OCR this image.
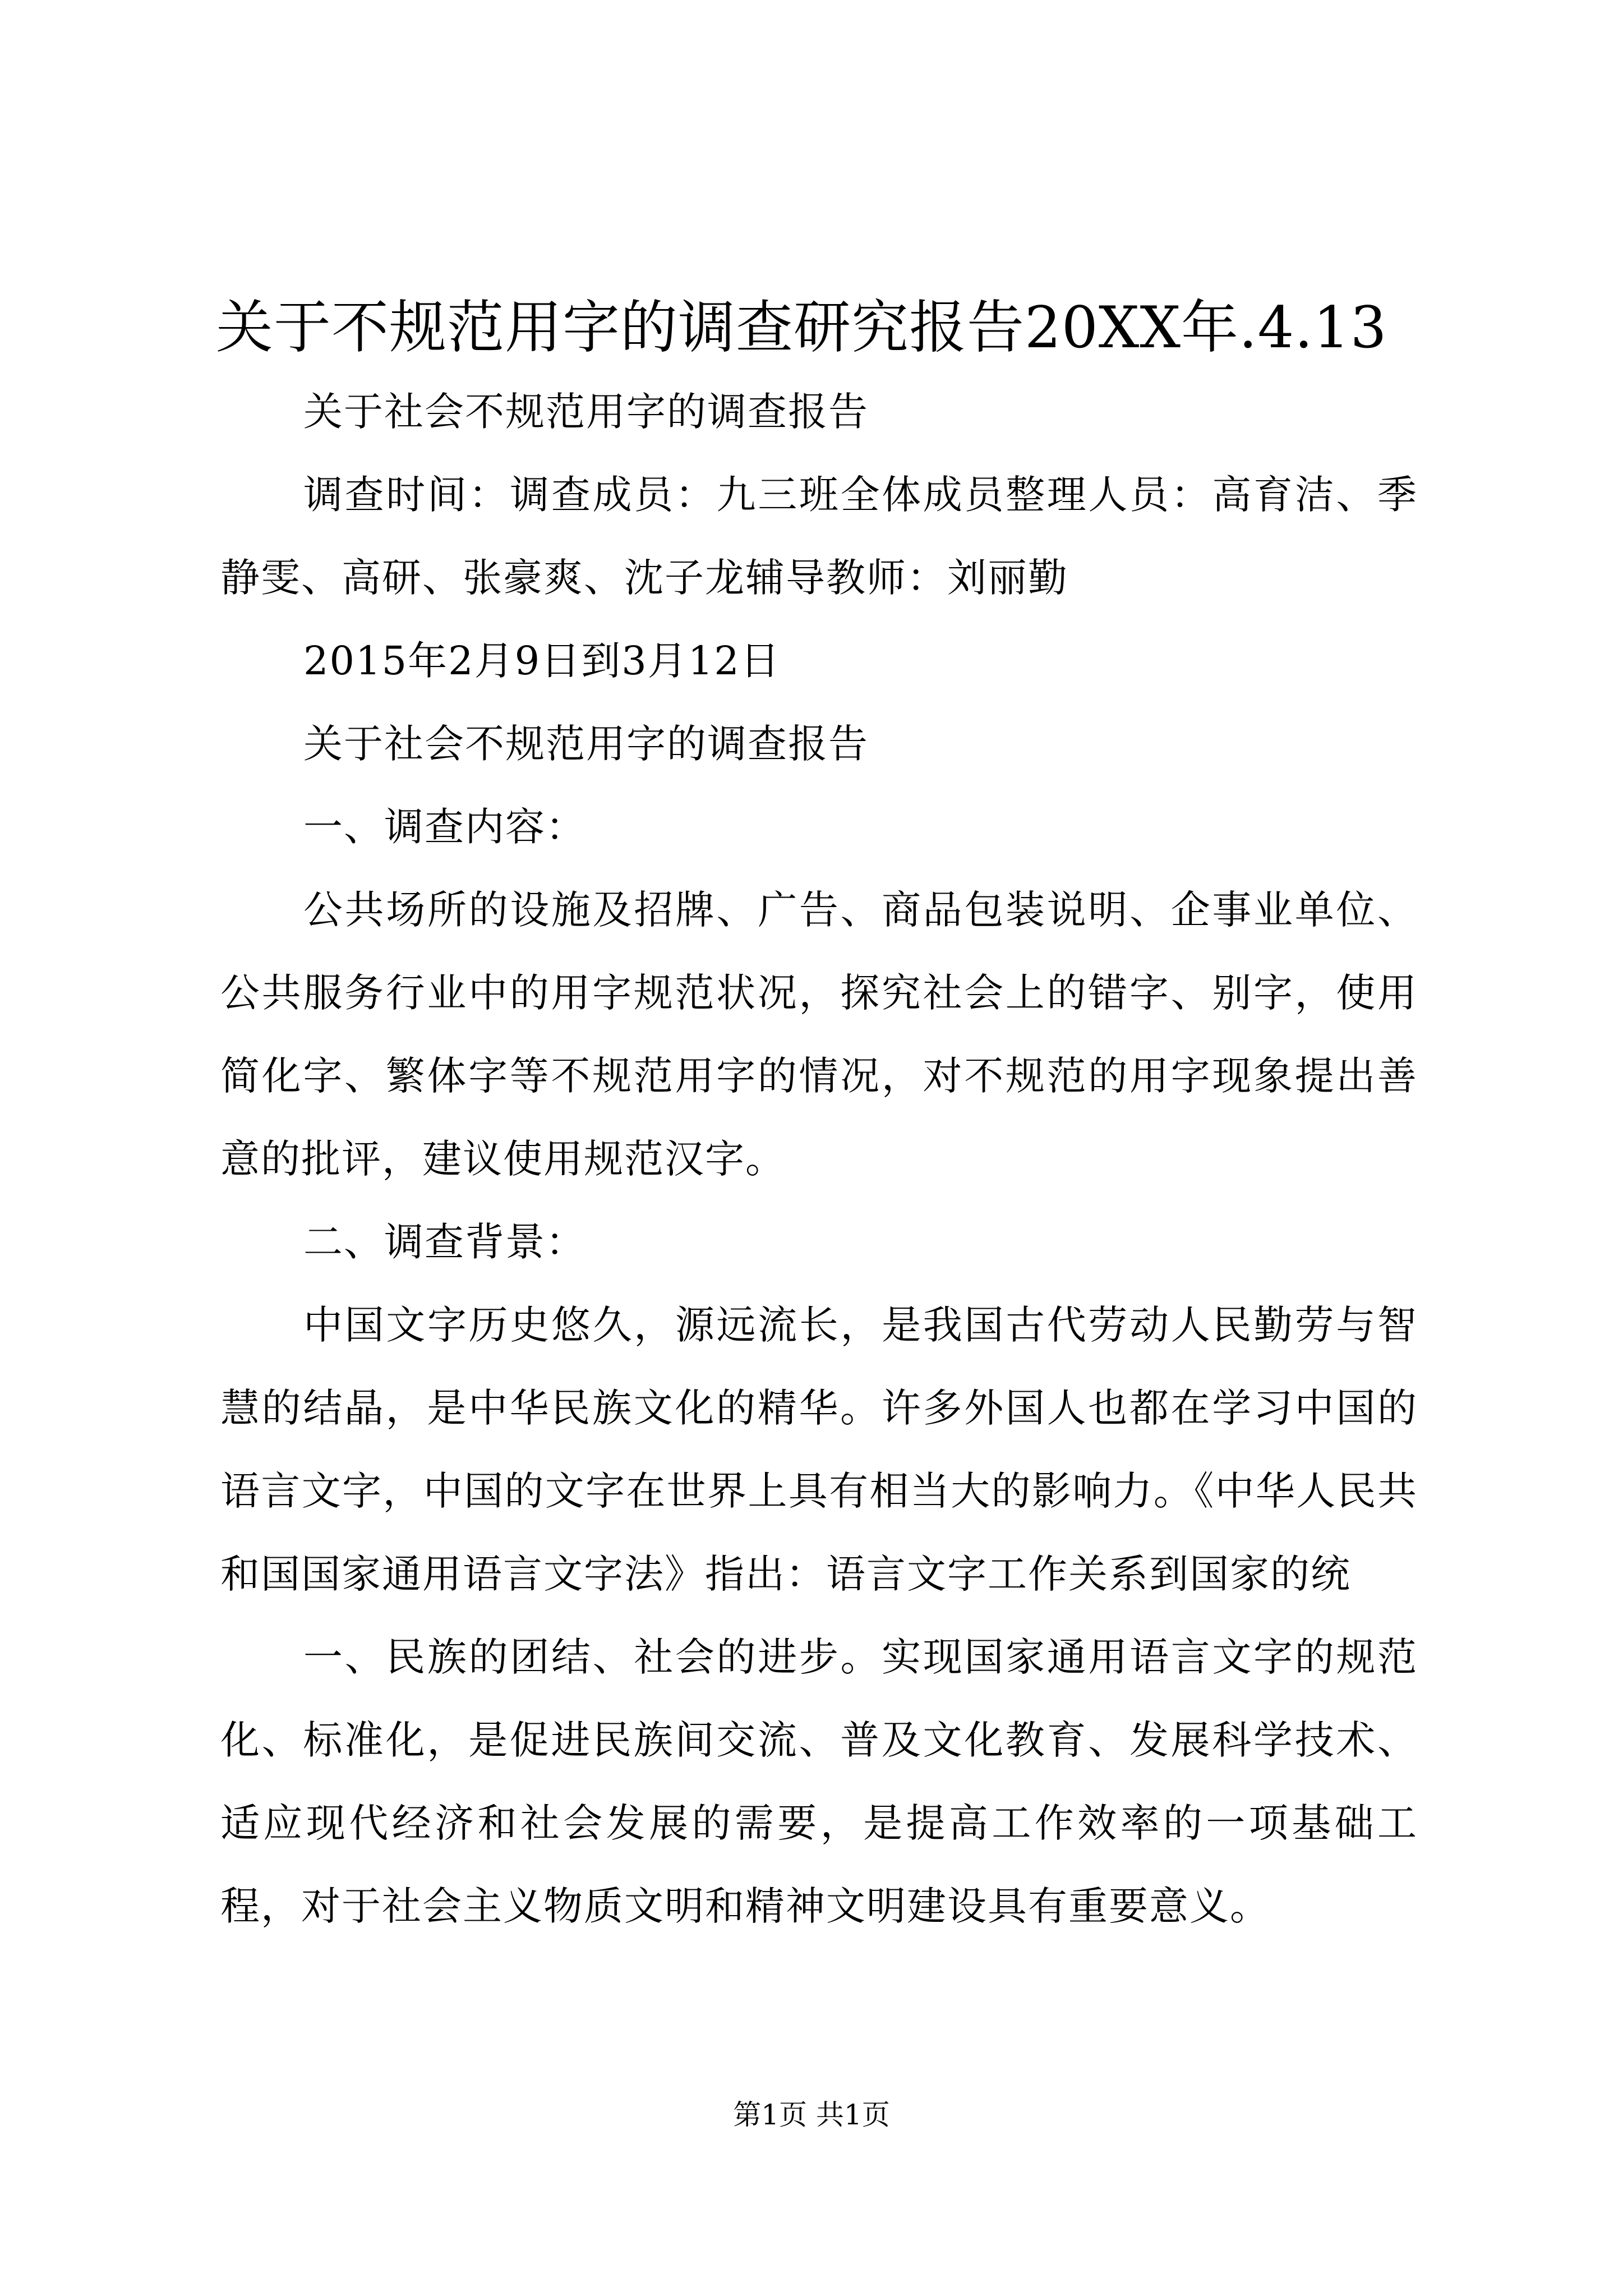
关于不规范用字的调查研究报告20XX年.4.13

关于社会不规范用字的调查报告

调查时间：调查成员：九三班全体成员整理人员：高育洁、季静雯、高研、张豪爽、沈子龙辅导教师：刘丽勤

2015年2月9日到3月12日

关于社会不规范用字的调查报告

一、调查内容：

公共场所的设施及招牌、广告、商品包装说明、企事业单位、公共服务行业中的用字规范状况，探究社会上的错字、别字，使用简化字、繁体字等不规范用字的情况，对不规范的用字现象提出善意的批评，建议使用规范汉字。

二、调查背景：

中国文字历史悠久，源远流长，是我国古代劳动人民勤劳与智慧的结晶，是中华民族文化的精华。许多外国人也都在学习中国的语言文字，中国的文字在世界上具有相当大的影响力。《中华人民共和国国家通用语言文字法》指出：语言文字工作关系到国家的统

一、民族的团结、社会的进步。实现国家通用语言文字的规范化、标准化，是促进民族间交流、普及文化教育、发展科学技术、适应现代经济和社会发展的需要，是提高工作效率的一项基础工程，对于社会主义物质文明和精神文明建设具有重要意义。

第1页 共1页
